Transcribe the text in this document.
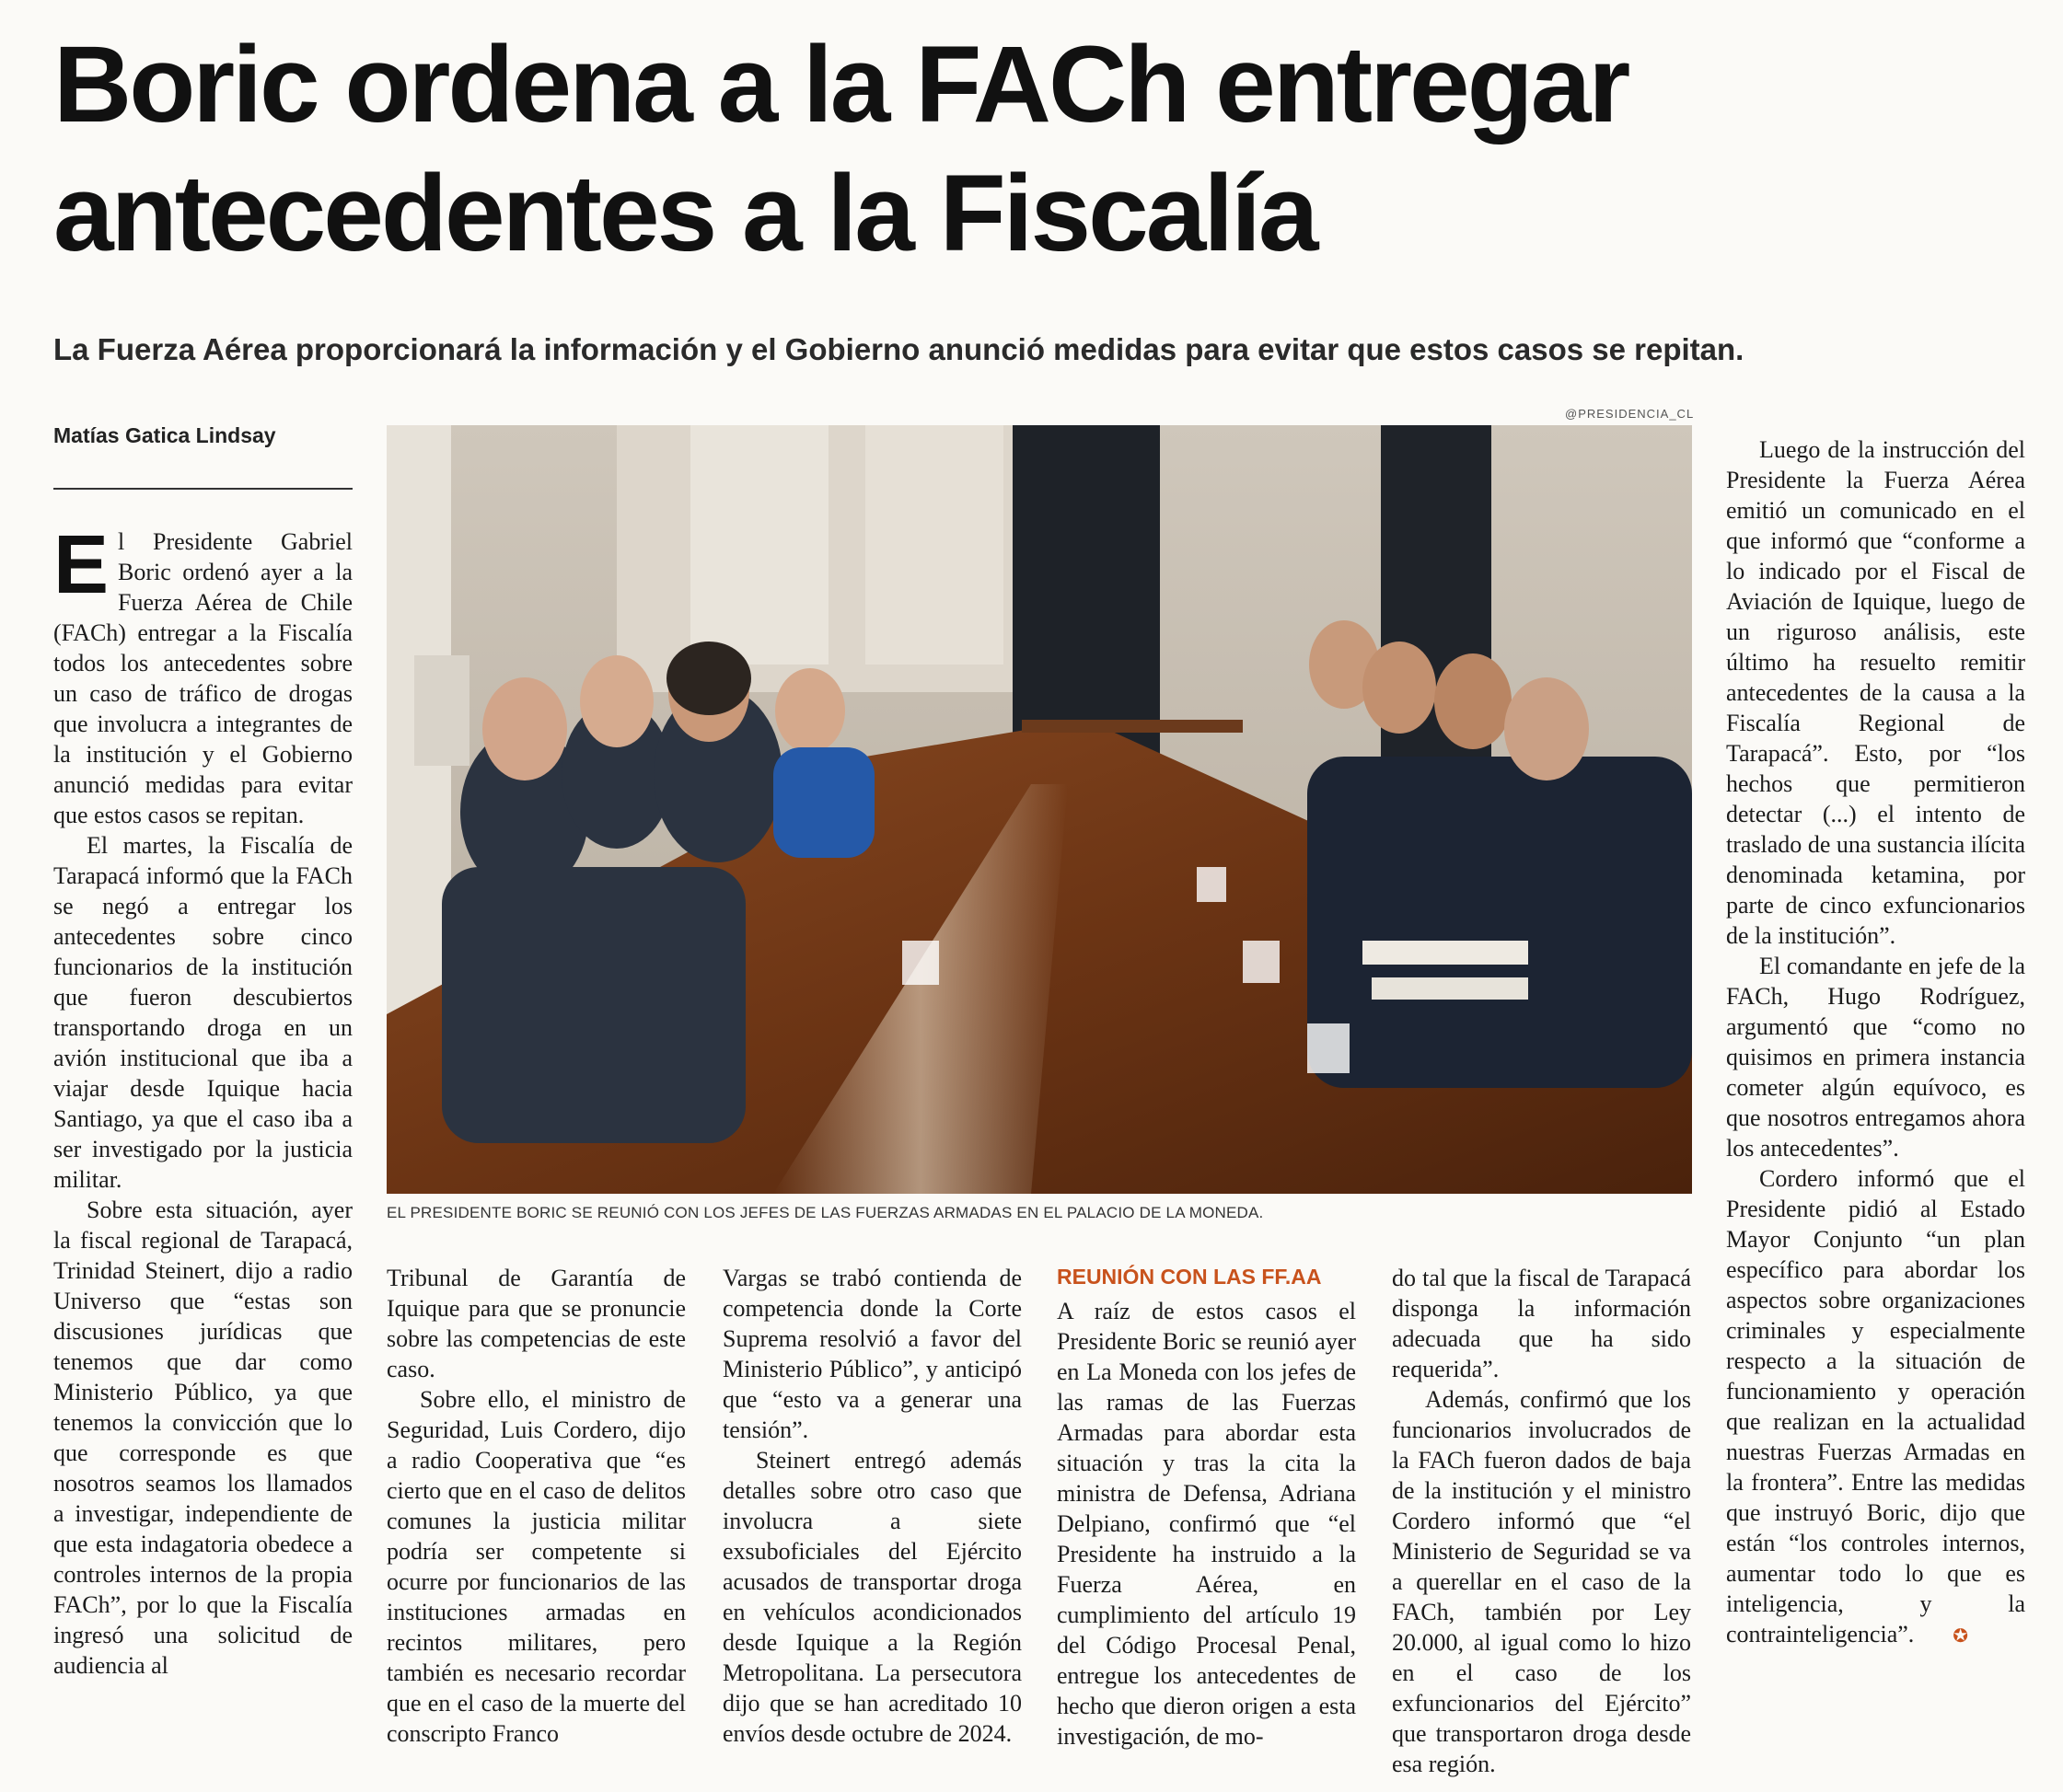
Boric ordena a la FACh entregar
antecedentes a la Fiscalía

La Fuerza Aérea proporcionará la información y el Gobierno anunció medidas para evitar que estos casos se repitan.

Matías Gatica Lindsay
@PRESIDENCIA_CL
EL PRESIDENTE BORIC SE REUNIÓ CON LOS JEFES DE LAS FUERZAS ARMADAS EN EL PALACIO DE LA MONEDA.

El Presidente Gabriel Boric ordenó ayer a la Fuerza Aérea de Chile (FACh) entregar a la Fiscalía todos los antecedentes sobre un caso de tráfico de drogas que involucra a integrantes de la institución y el Gobierno anunció medidas para evitar que estos casos se repitan.

El martes, la Fiscalía de Tarapacá informó que la FACh se negó a entregar los antecedentes sobre cinco funcionarios de la institución que fueron descubiertos transportando droga en un avión institucional que iba a viajar desde Iquique hacia Santiago, ya que el caso iba a ser investigado por la justicia militar.

Sobre esta situación, ayer la fiscal regional de Tarapacá, Trinidad Steinert, dijo a radio Universo que “estas son discusiones jurídicas que tenemos que dar como Ministerio Público, ya que tenemos la convicción que lo que corresponde es que nosotros seamos los llamados a investigar, independiente de que esta indagatoria obedece a controles internos de la propia FACh”, por lo que la Fiscalía ingresó una solicitud de audiencia al

Tribunal de Garantía de Iquique para que se pronuncie sobre las competencias de este caso.

Sobre ello, el ministro de Seguridad, Luis Cordero, dijo a radio Cooperativa que “es cierto que en el caso de delitos comunes la justicia militar podría ser competente si ocurre por funcionarios de las instituciones armadas en recintos militares, pero también es necesario recordar que en el caso de la muerte del conscripto Franco

Vargas se trabó contienda de competencia donde la Corte Suprema resolvió a favor del Ministerio Público”, y anticipó que “esto va a generar una tensión”.

Steinert entregó además detalles sobre otro caso que involucra a siete exsuboficiales del Ejército acusados de transportar droga en vehículos acondicionados desde Iquique a la Región Metropolitana. La persecutora dijo que se han acreditado 10 envíos desde octubre de 2024.

REUNIÓN CON LAS FF.AA

A raíz de estos casos el Presidente Boric se reunió ayer en La Moneda con los jefes de las ramas de las Fuerzas Armadas para abordar esta situación y tras la cita la ministra de Defensa, Adriana Delpiano, confirmó que “el Presidente ha instruido a la Fuerza Aérea, en cumplimiento del artículo 19 del Código Procesal Penal, entregue los antecedentes de hecho que dieron origen a esta investigación, de mo-

do tal que la fiscal de Tarapacá disponga la información adecuada que ha sido requerida”.

Además, confirmó que los funcionarios involucrados de la FACh fueron dados de baja de la institución y el ministro Cordero informó que “el Ministerio de Seguridad se va a querellar en el caso de la FACh, también por Ley 20.000, al igual como lo hizo en el caso de los exfuncionarios del Ejército” que transportaron droga desde esa región.

Luego de la instrucción del Presidente la Fuerza Aérea emitió un comunicado en el que informó que “conforme a lo indicado por el Fiscal de Aviación de Iquique, luego de un riguroso análisis, este último ha resuelto remitir antecedentes de la causa a la Fiscalía Regional de Tarapacá”. Esto, por “los hechos que permitieron detectar (...) el intento de traslado de una sustancia ilícita denominada ketamina, por parte de cinco exfuncionarios de la institución”.

El comandante en jefe de la FACh, Hugo Rodríguez, argumentó que “como no quisimos en primera instancia cometer algún equívoco, es que nosotros entregamos ahora los antecedentes”.

Cordero informó que el Presidente pidió al Estado Mayor Conjunto “un plan específico para abordar los aspectos sobre organizaciones criminales y especialmente respecto a la situación de funcionamiento y operación que realizan en la actualidad nuestras Fuerzas Armadas en la frontera”. Entre las medidas que instruyó Boric, dijo que están “los controles internos, aumentar todo lo que es inteligencia, y la contrainteligencia”. ✪
